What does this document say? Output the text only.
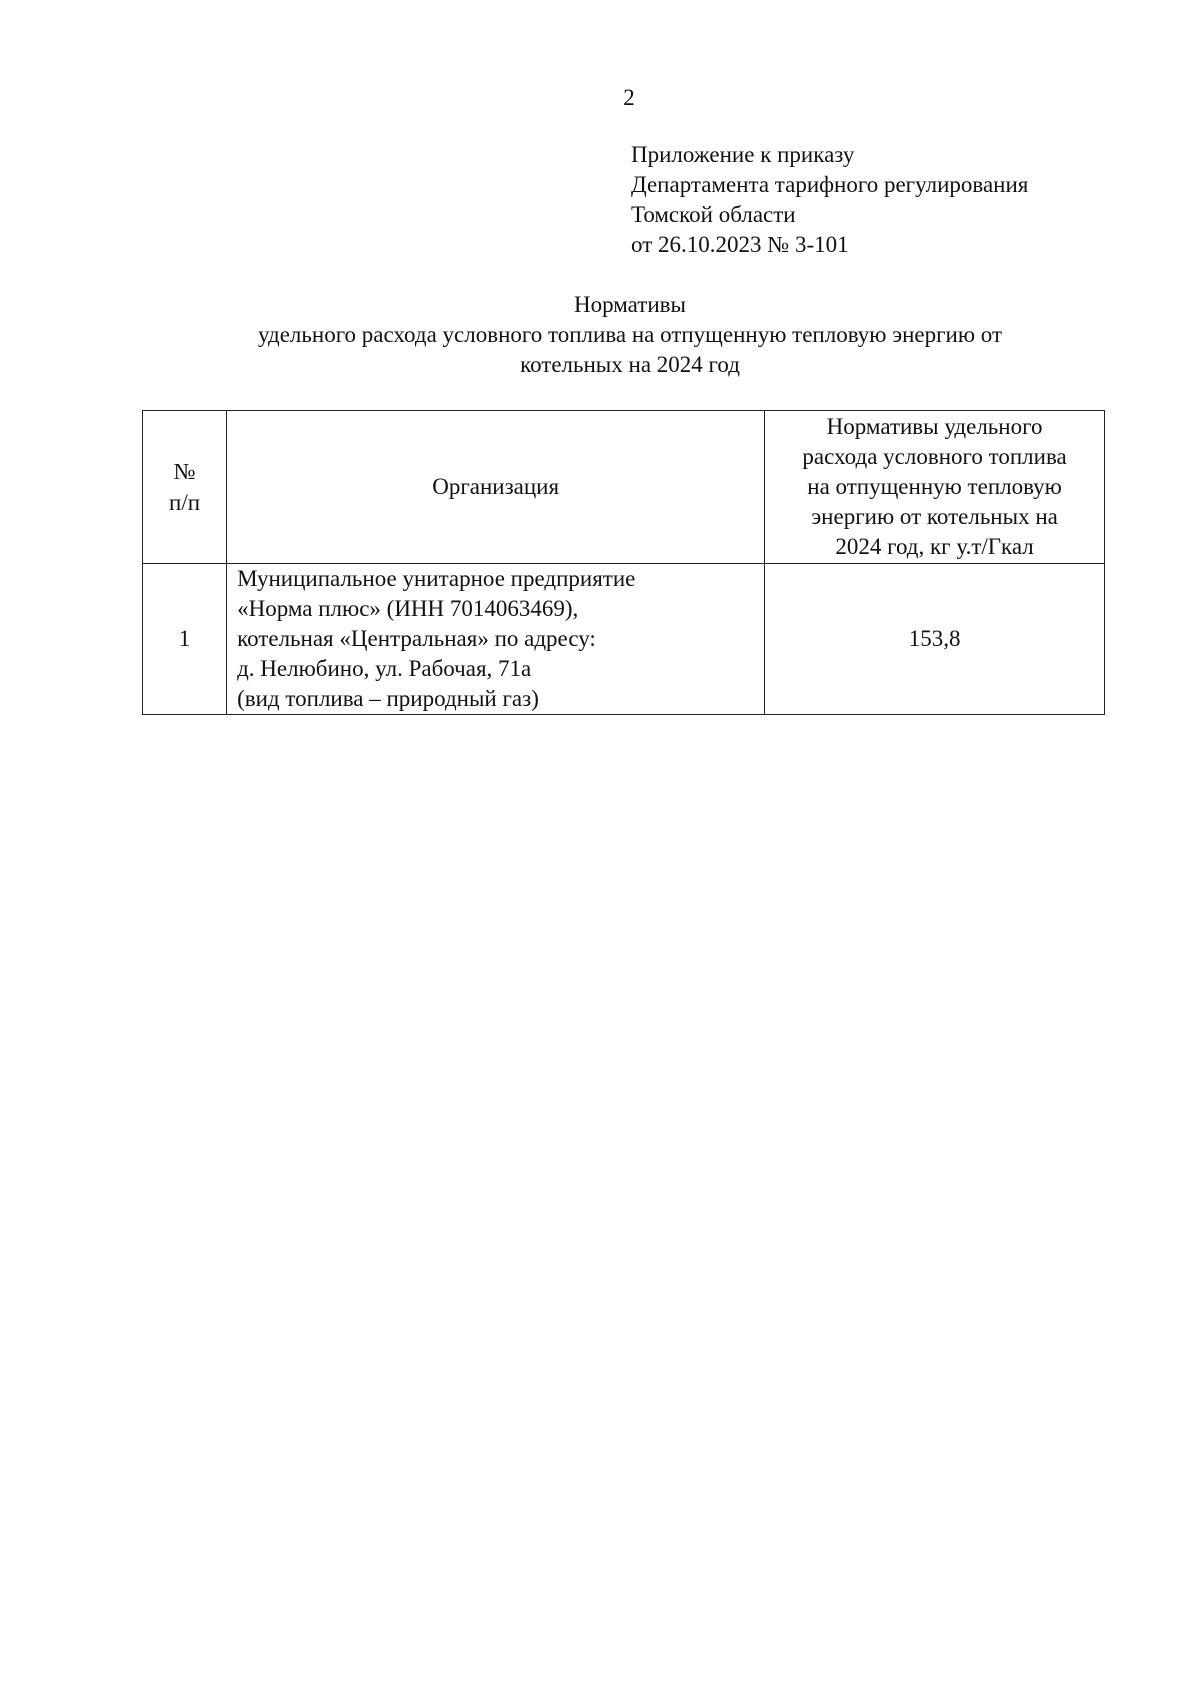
2
Приложение к приказу
Департамента тарифного регулирования
Томской области
от 26.10.2023 № 3-101
Нормативы
удельного расхода условного топлива на отпущенную тепловую энергию от
котельных на 2024 год
№
п/п	Организация	Нормативы удельного
расхода условного топлива
на отпущенную тепловую
энергию от котельных на
2024 год, кг у.т/Гкал

1	Муниципальное унитарное предприятие
«Норма плюс» (ИНН 7014063469),
котельная «Центральная» по адресу:
д. Нелюбино, ул. Рабочая, 71а
(вид топлива – природный газ)	153,8
